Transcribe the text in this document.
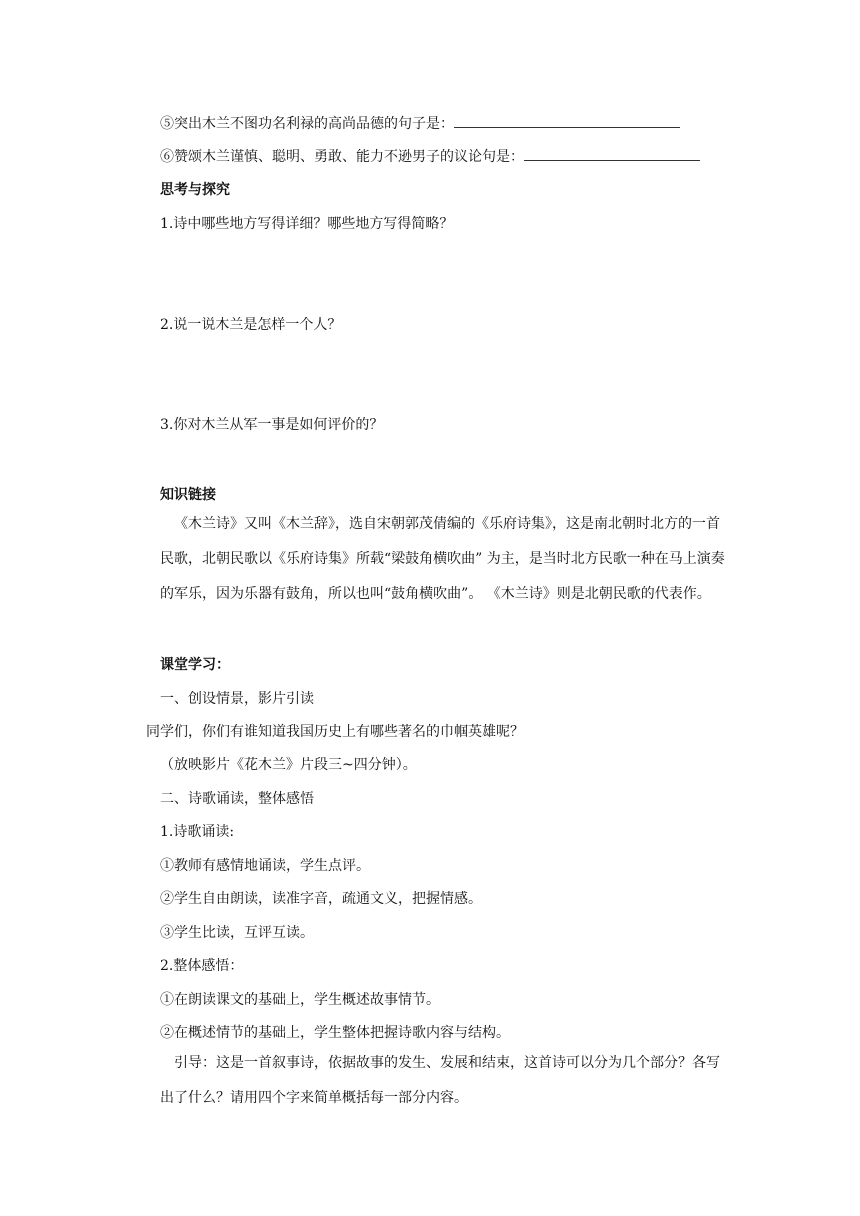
⑤突出木兰不图功名利禄的高尚品德的句子是：
⑥赞颂木兰谨慎、聪明、勇敢、能力不逊男子的议论句是：
思考与探究
1.诗中哪些地方写得详细？哪些地方写得简略？
2.说一说木兰是怎样一个人？
3.你对木兰从军一事是如何评价的？
知识链接
《木兰诗》又叫《木兰辞》，选自宋朝郭茂倩编的《乐府诗集》，这是南北朝时北方的一首民歌，北朝民歌以《乐府诗集》所载“梁鼓角横吹曲” 为主，是当时北方民歌一种在马上演奏的军乐，因为乐器有鼓角，所以也叫“鼓角横吹曲”。 《木兰诗》则是北朝民歌的代表作。
课堂学习：
一、创设情景，影片引读
同学们，你们有谁知道我国历史上有哪些著名的巾帼英雄呢？
（放映影片《花木兰》片段三~四分钟）。
二、诗歌诵读，整体感悟
1.诗歌诵读:
①教师有感情地诵读，学生点评。
②学生自由朗读，读准字音，疏通文义，把握情感。
③学生比读，互评互读。
2.整体感悟：
①在朗读课文的基础上，学生概述故事情节。
②在概述情节的基础上，学生整体把握诗歌内容与结构。
引导：这是一首叙事诗，依据故事的发生、发展和结束，这首诗可以分为几个部分？各写出了什么？请用四个字来简单概括每一部分内容。
